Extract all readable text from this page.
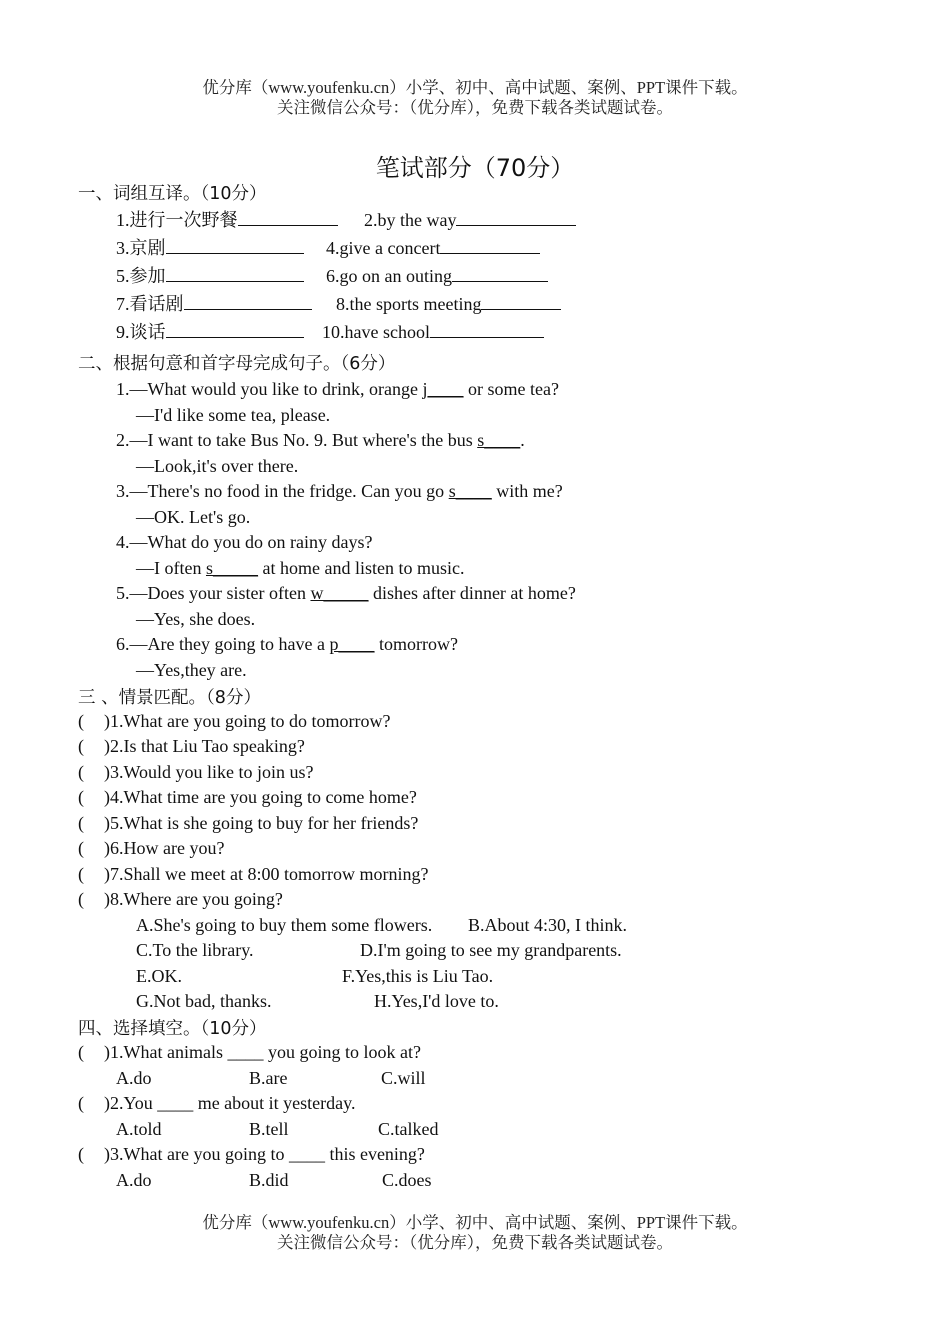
优分库（www.youfenku.cn）小学、初中、高中试题、案例、PPT课件下载。
关注微信公众号：（优分库），免费下载各类试题试卷。
笔试部分（70分）
一、词组互译。（10分）
1.进行一次野餐	2.by the way
3.京剧	4.give a concert
5.参加	6.go on an outing
7.看话剧	8.the sports meeting
9.谈话	10.have school
二、根据句意和首字母完成句子。（6分）
1.—What would you like to drink, orange j____ or some tea?
—I'd like some tea, please.
2.—I want to take Bus No. 9. But where's the bus s____.
—Look,it's over there.
3.—There's no food in the fridge. Can you go s____ with me?
—OK. Let's go.
4.—What do you do on rainy days?
—I often s_____ at home and listen to music.
5.—Does your sister often w_____ dishes after dinner at home?
—Yes, she does.
6.—Are they going to have a p____ tomorrow?
—Yes,they are.
三 、情景匹配。（8分）
( )1.What are you going to do tomorrow?
( )2.Is that Liu Tao speaking?
( )3.Would you like to join us?
( )4.What time are you going to come home?
( )5.What is she going to buy for her friends?
( )6.How are you?
( )7.Shall we meet at 8:00 tomorrow morning?
( )8.Where are you going?
A.She's going to buy them some flowers. B.About 4:30, I think.
C.To the library.	D.I'm going to see my grandparents.
E.OK.	F.Yes,this is Liu Tao.
G.Not bad, thanks.	H.Yes,I'd love to.
四、选择填空。（10分）
( )1.What animals ____ you going to look at?
A.do	B.are	C.will
( )2.You ____ me about it yesterday.
A.told	B.tell	C.talked
( )3.What are you going to ____ this evening?
A.do	B.did	C.does
优分库（www.youfenku.cn）小学、初中、高中试题、案例、PPT课件下载。
关注微信公众号：（优分库），免费下载各类试题试卷。
